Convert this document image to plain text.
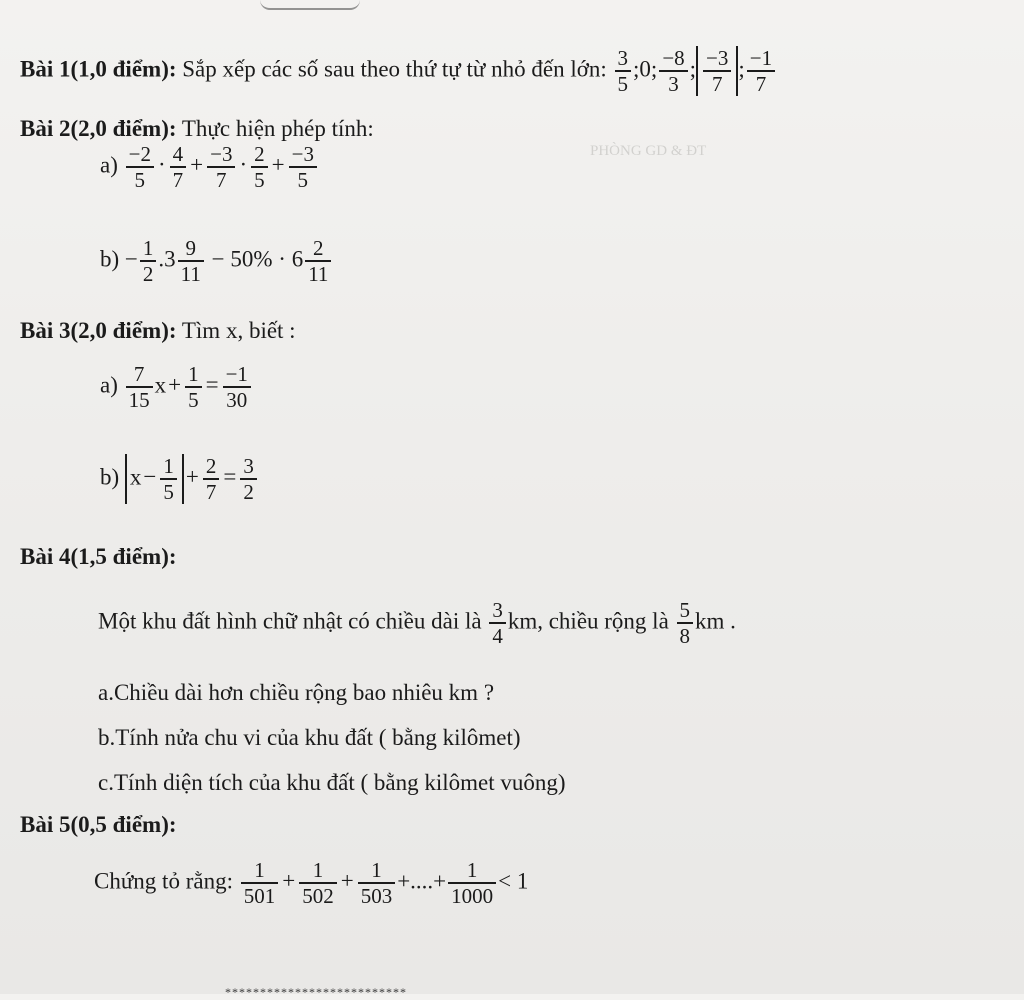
PHÒNG GD & ĐT

Bài 1(1,0 điểm): Sắp xếp các số sau theo thứ tự từ nhỏ đến lớn: $\frac{3}{5}$ ;0; $\frac{-8}{3}$ ; $\frac{-3}{7}$ ; $\frac{-1}{7}$
Bài 2(2,0 điểm): Thực hiện phép tính:
$a) \frac{-2}{5} \cdot \frac{4}{7} + \frac{-3}{7} \cdot \frac{2}{5} + \frac{-3}{5}$
$b) - \frac{1}{2} .3 \frac{9}{11} - 50\% \cdot 6 \frac{2}{11}$
Bài 3(2,0 điểm): Tìm x, biết :
$a) \frac{7}{15} x+ \frac{1}{5} = \frac{-1}{30}$
b) $x- \frac{1}{5} + \frac{2}{7} = \frac{3}{2}$
Bài 4(1,5 điểm):
Một khu đất hình chữ nhật có chiều dài là $\frac{3}{4}$ km, chiều rộng là $\frac{5}{8}$ km .
a.Chiều dài hơn chiều rộng bao nhiêu km ?
b.Tính nửa chu vi của khu đất ( bằng kilômet)
c.Tính diện tích của khu đất ( bằng kilômet vuông)
Bài 5(0,5 điểm):
Chứng tỏ rằng: $\frac{1}{501} + \frac{1}{502} + \frac{1}{503}$ +....+ $\frac{1}{1000} < 1$
**************************
